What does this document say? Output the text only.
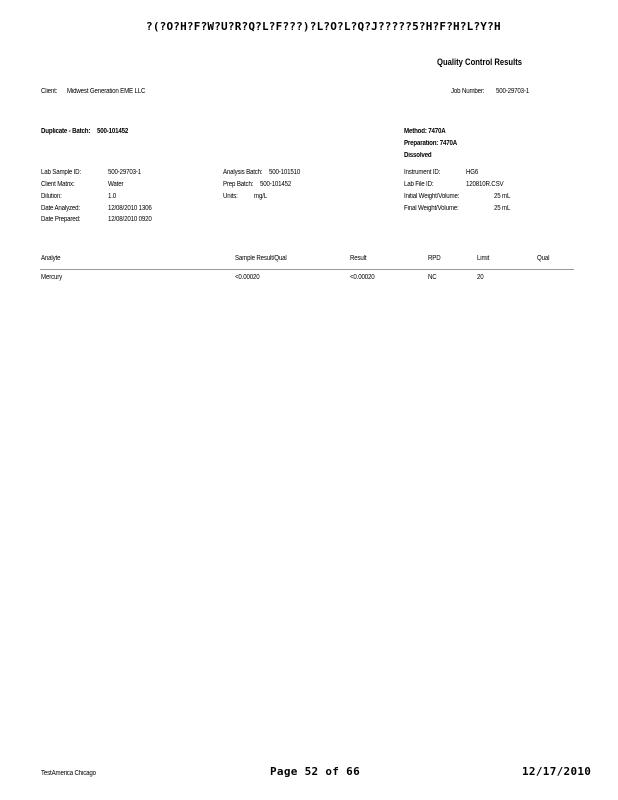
?(?O?H?F?W?U?R?Q?L?F???)?L?O?L?Q?J?????5?H?F?H?L?Y?H
Quality Control Results
Client: Midwest Generation EME LLC	Job Number: 500-29703-1
Duplicate - Batch: 500-101452	Method: 7470A
Preparation: 7470A
Dissolved
Lab Sample ID:	500-29703-1
Client Matrix:	Water
Dilution:	1.0
Date Analyzed:	12/08/2010 1306
Date Prepared:	12/08/2010 0920
Analysis Batch: 500-101510
Prep Batch: 500-101452
Units: mg/L
Instrument ID:	HG6
Lab File ID:	120810R.CSV
Initial Weight/Volume:	25 mL
Final Weight/Volume:	25 mL
Analyte	Sample Result/Qual	Result	RPD	Limit	Qual
Mercury	<0.00020	<0.00020	NC	20
TestAmerica Chicago	Page 52 of 66	12/17/2010
